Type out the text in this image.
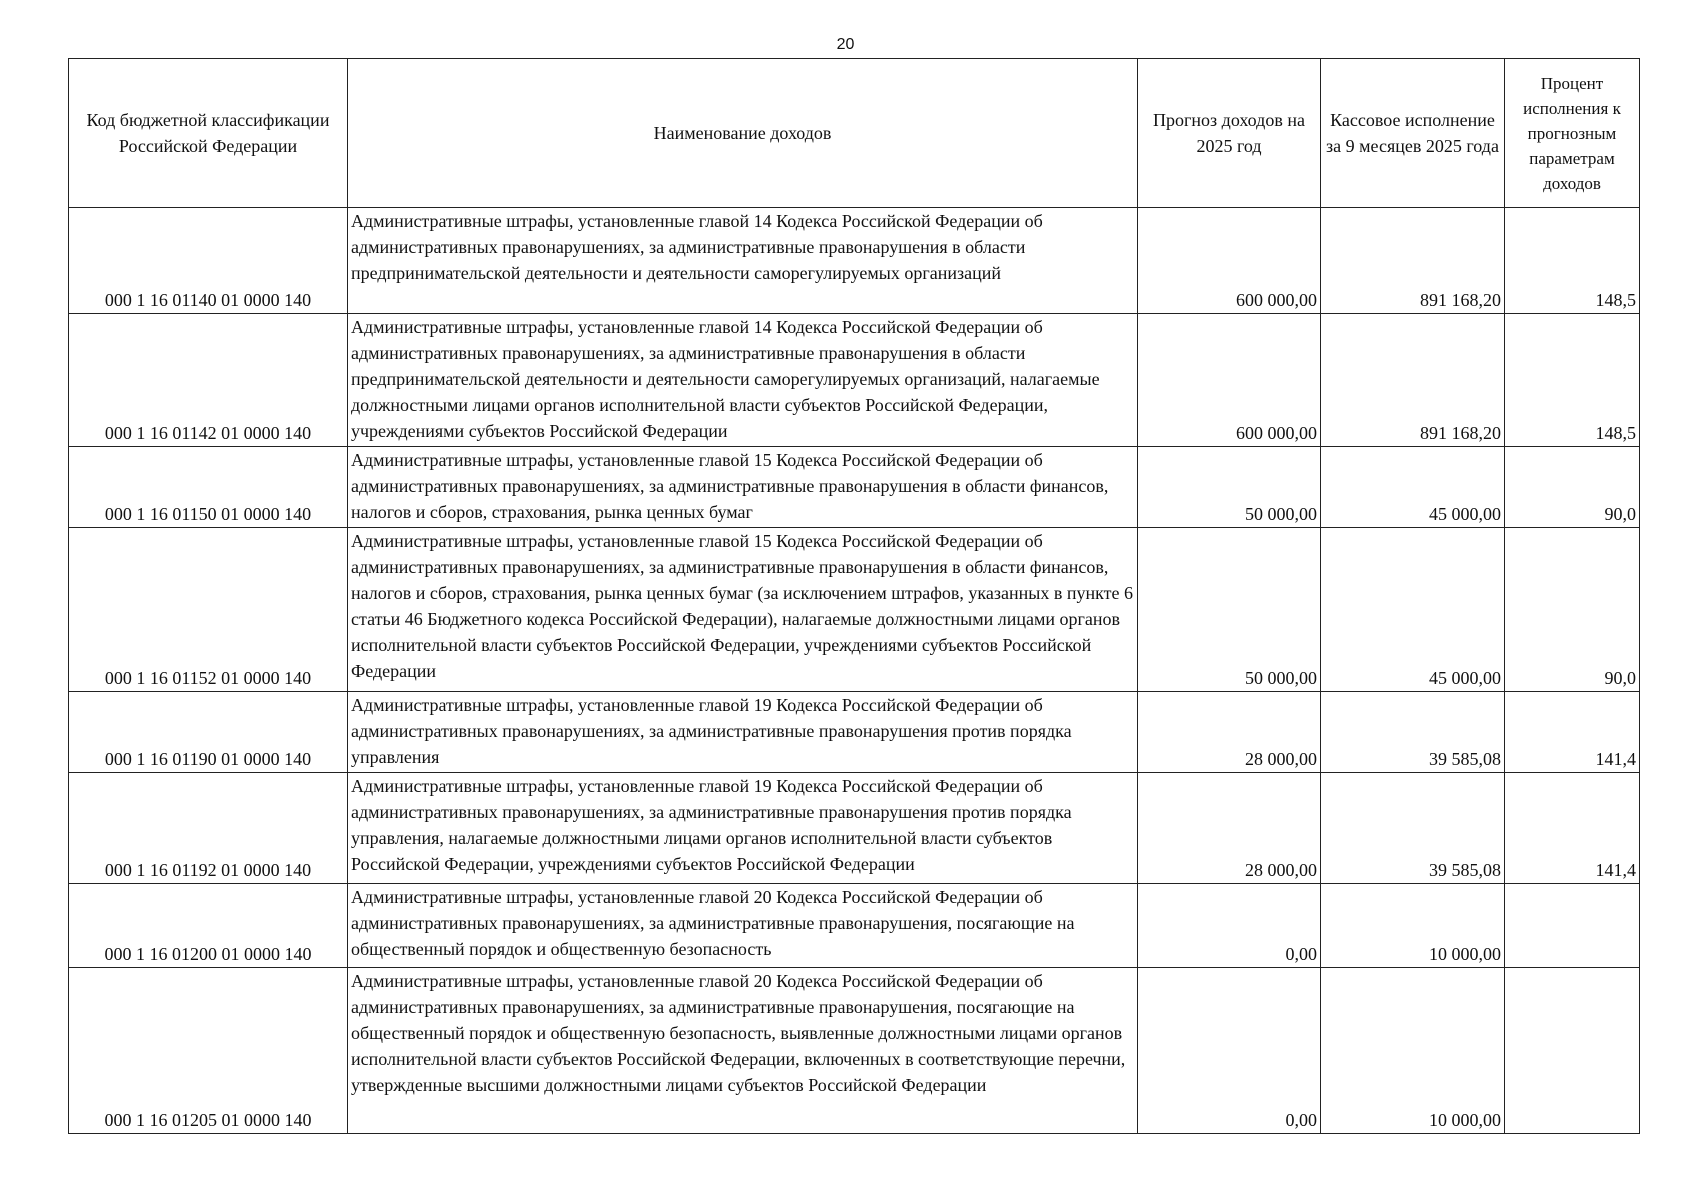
20
Код бюджетной классификации Российской Федерации	Наименование доходов	Прогноз доходов на 2025 год	Кассовое исполнение за 9 месяцев 2025 года	Процент исполнения к прогнозным параметрам доходов
000 1 16 01140 01 0000 140	Административные штрафы, установленные главой 14 Кодекса Российской Федерации об административных правонарушениях, за административные правонарушения в области предпринимательской деятельности и деятельности саморегулируемых организаций	600 000,00	891 168,20	148,5
000 1 16 01142 01 0000 140	Административные штрафы, установленные главой 14 Кодекса Российской Федерации об административных правонарушениях, за административные правонарушения в области предпринимательской деятельности и деятельности саморегулируемых организаций, налагаемые должностными лицами органов исполнительной власти субъектов Российской Федерации, учреждениями субъектов Российской Федерации	600 000,00	891 168,20	148,5
000 1 16 01150 01 0000 140	Административные штрафы, установленные главой 15 Кодекса Российской Федерации об административных правонарушениях, за административные правонарушения в области финансов, налогов и сборов, страхования, рынка ценных бумаг	50 000,00	45 000,00	90,0
000 1 16 01152 01 0000 140	Административные штрафы, установленные главой 15 Кодекса Российской Федерации об административных правонарушениях, за административные правонарушения в области финансов, налогов и сборов, страхования, рынка ценных бумаг (за исключением штрафов, указанных в пункте 6 статьи 46 Бюджетного кодекса Российской Федерации), налагаемые должностными лицами органов исполнительной власти субъектов Российской Федерации, учреждениями субъектов Российской Федерации	50 000,00	45 000,00	90,0
000 1 16 01190 01 0000 140	Административные штрафы, установленные главой 19 Кодекса Российской Федерации об административных правонарушениях, за административные правонарушения против порядка управления	28 000,00	39 585,08	141,4
000 1 16 01192 01 0000 140	Административные штрафы, установленные главой 19 Кодекса Российской Федерации об административных правонарушениях, за административные правонарушения против порядка управления, налагаемые должностными лицами органов исполнительной власти субъектов Российской Федерации, учреждениями субъектов Российской Федерации	28 000,00	39 585,08	141,4
000 1 16 01200 01 0000 140	Административные штрафы, установленные главой 20 Кодекса Российской Федерации об административных правонарушениях, за административные правонарушения, посягающие на общественный порядок и общественную безопасность	0,00	10 000,00	
000 1 16 01205 01 0000 140	Административные штрафы, установленные главой 20 Кодекса Российской Федерации об административных правонарушениях, за административные правонарушения, посягающие на общественный порядок и общественную безопасность, выявленные должностными лицами органов исполнительной власти субъектов Российской Федерации, включенных в соответствующие перечни, утвержденные высшими должностными лицами субъектов Российской Федерации	0,00	10 000,00	
